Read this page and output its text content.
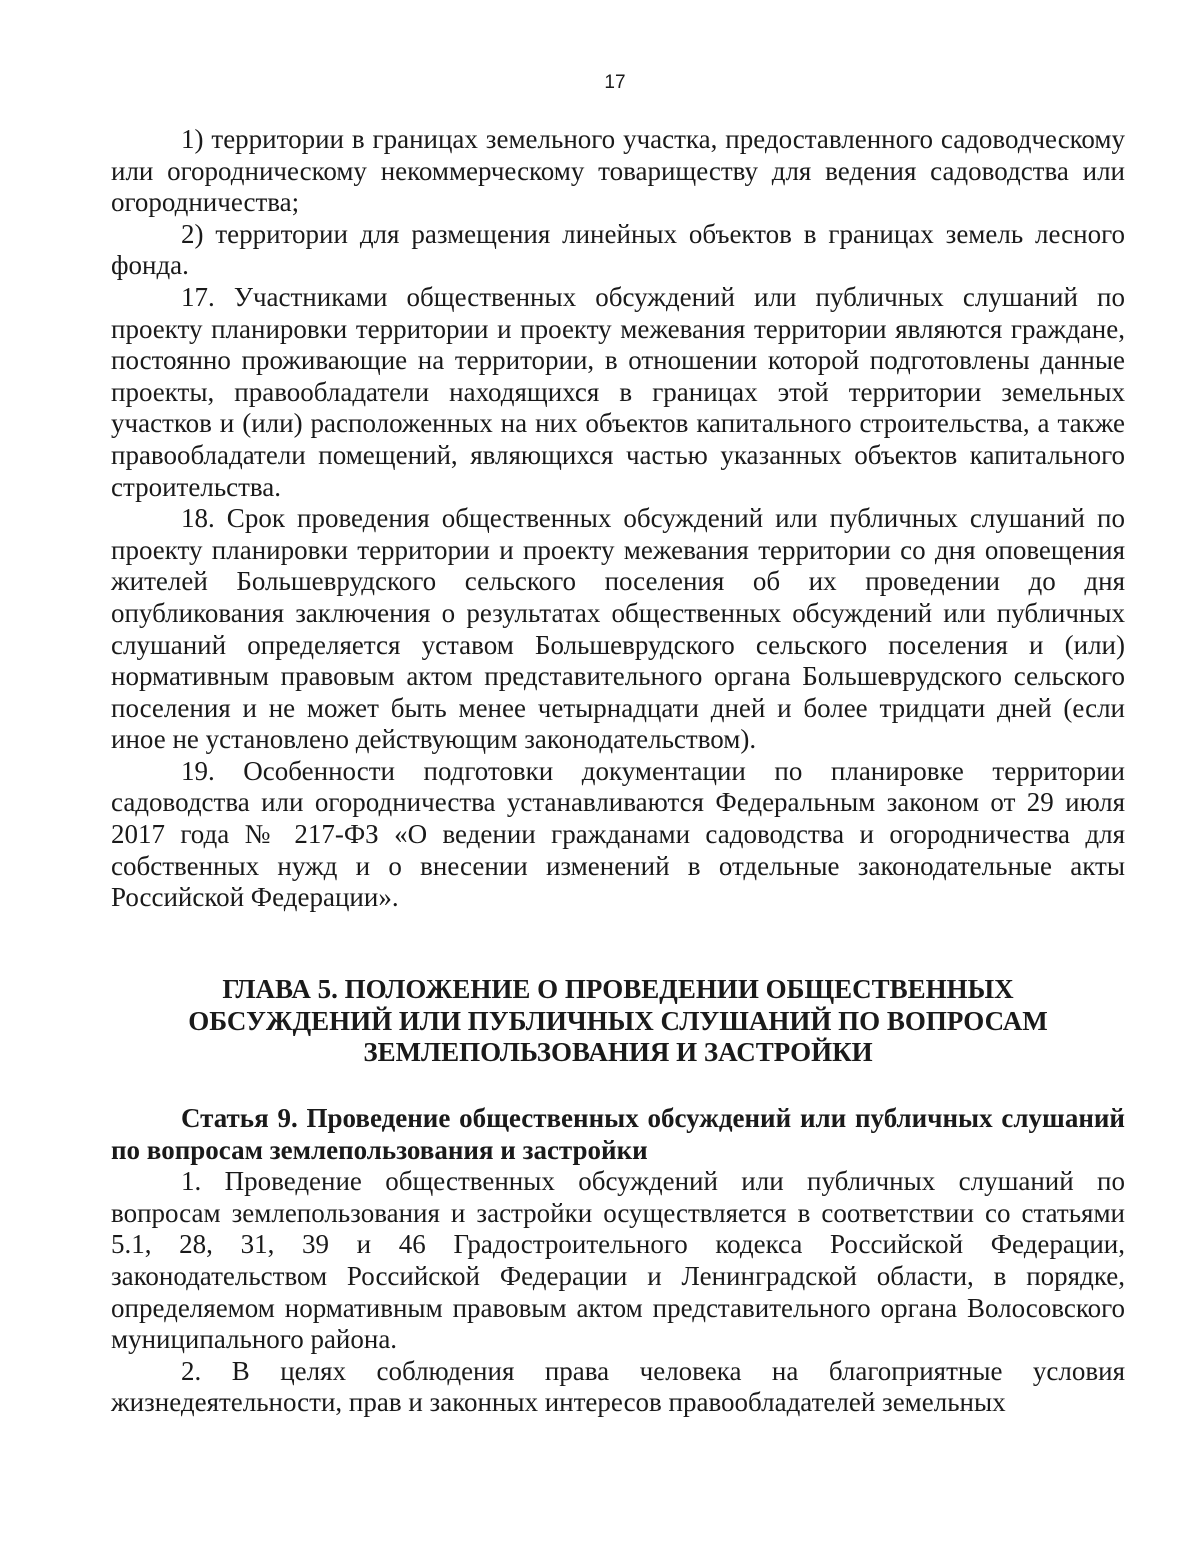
17

1) территории в границах земельного участка, предоставленного садоводческому или огородническому некоммерческому товариществу для ведения садоводства или огородничества;

2) территории для размещения линейных объектов в границах земель лесного фонда.

17. Участниками общественных обсуждений или публичных слушаний по проекту планировки территории и проекту межевания территории являются граждане, постоянно проживающие на территории, в отношении которой подготовлены данные проекты, правообладатели находящихся в границах этой территории земельных участков и (или) расположенных на них объектов капитального строительства, а также правообладатели помещений, являющихся частью указанных объектов капитального строительства.

18. Срок проведения общественных обсуждений или публичных слушаний по проекту планировки территории и проекту межевания территории со дня оповещения жителей Большеврудского сельского поселения об их проведении до дня опубликования заключения о результатах общественных обсуждений или публичных слушаний определяется уставом Большеврудского сельского поселения и (или) нормативным правовым актом представительного органа Большеврудского сельского поселения и не может быть менее четырнадцати дней и более тридцати дней (если иное не установлено действующим законодательством).

19. Особенности подготовки документации по планировке территории садоводства или огородничества устанавливаются Федеральным законом от 29 июля 2017 года № 217-ФЗ «О ведении гражданами садоводства и огородничества для собственных нужд и о внесении изменений в отдельные законодательные акты Российской Федерации».

ГЛАВА 5. ПОЛОЖЕНИЕ О ПРОВЕДЕНИИ ОБЩЕСТВЕННЫХ
ОБСУЖДЕНИЙ ИЛИ ПУБЛИЧНЫХ СЛУШАНИЙ ПО ВОПРОСАМ
ЗЕМЛЕПОЛЬЗОВАНИЯ И ЗАСТРОЙКИ

Статья 9. Проведение общественных обсуждений или публичных слушаний по вопросам землепользования и застройки

1. Проведение общественных обсуждений или публичных слушаний по вопросам землепользования и застройки осуществляется в соответствии со статьями 5.1, 28, 31, 39 и 46 Градостроительного кодекса Российской Федерации, законодательством Российской Федерации и Ленинградской области, в порядке, определяемом нормативным правовым актом представительного органа Волосовского муниципального района.

2. В целях соблюдения права человека на благоприятные условия жизнедеятельности, прав и законных интересов правообладателей земельных
